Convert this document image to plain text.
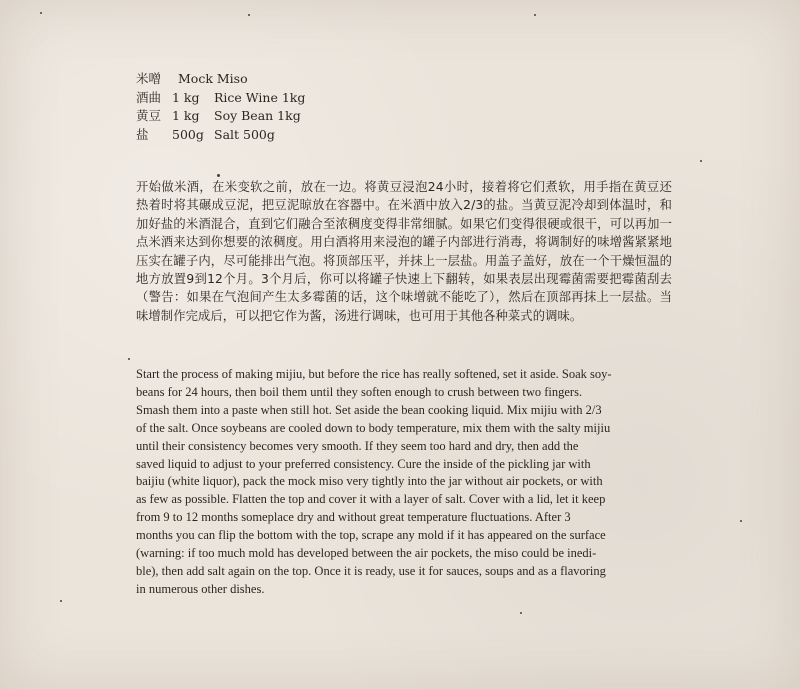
米噌 Mock Miso
酒曲 1 kg Rice Wine 1kg
黄豆 1 kg Soy Bean 1kg
盐 500g Salt 500g
开始做米酒，在米变软之前，放在一边。将黄豆浸泡24小时，接着将它们煮软，用手指在黄豆还热着时将其碾成豆泥，把豆泥晾放在容器中。在米酒中放入2/3的盐。当黄豆泥冷却到体温时，和加好盐的米酒混合，直到它们融合至浓稠度变得非常细腻。如果它们变得很硬或很干，可以再加一点米酒来达到你想要的浓稠度。用白酒将用来浸泡的罐子内部进行消毒，将调制好的味增酱紧紧地压实在罐子内，尽可能排出气泡。将顶部压平，并抹上一层盐。用盖子盖好，放在一个干燥恒温的地方放置9到12个月。3个月后，你可以将罐子快速上下翻转，如果表层出现霉菌需要把霉菌刮去（警告：如果在气泡间产生太多霉菌的话，这个味增就不能吃了），然后在顶部再抹上一层盐。当味增制作完成后，可以把它作为酱，汤进行调味，也可用于其他各种菜式的调味。
Start the process of making mijiu, but before the rice has really softened, set it aside. Soak soy-
beans for 24 hours, then boil them until they soften enough to crush between two fingers.
Smash them into a paste when still hot. Set aside the bean cooking liquid. Mix mijiu with 2/3
of the salt. Once soybeans are cooled down to body temperature, mix them with the salty mijiu
until their consistency becomes very smooth. If they seem too hard and dry, then add the
saved liquid to adjust to your preferred consistency. Cure the inside of the pickling jar with
baijiu (white liquor), pack the mock miso very tightly into the jar without air pockets, or with
as few as possible. Flatten the top and cover it with a layer of salt. Cover with a lid, let it keep
from 9 to 12 months someplace dry and without great temperature fluctuations. After 3
months you can flip the bottom with the top, scrape any mold if it has appeared on the surface
(warning: if too much mold has developed between the air pockets, the miso could be inedi-
ble), then add salt again on the top. Once it is ready, use it for sauces, soups and as a flavoring
in numerous other dishes.
